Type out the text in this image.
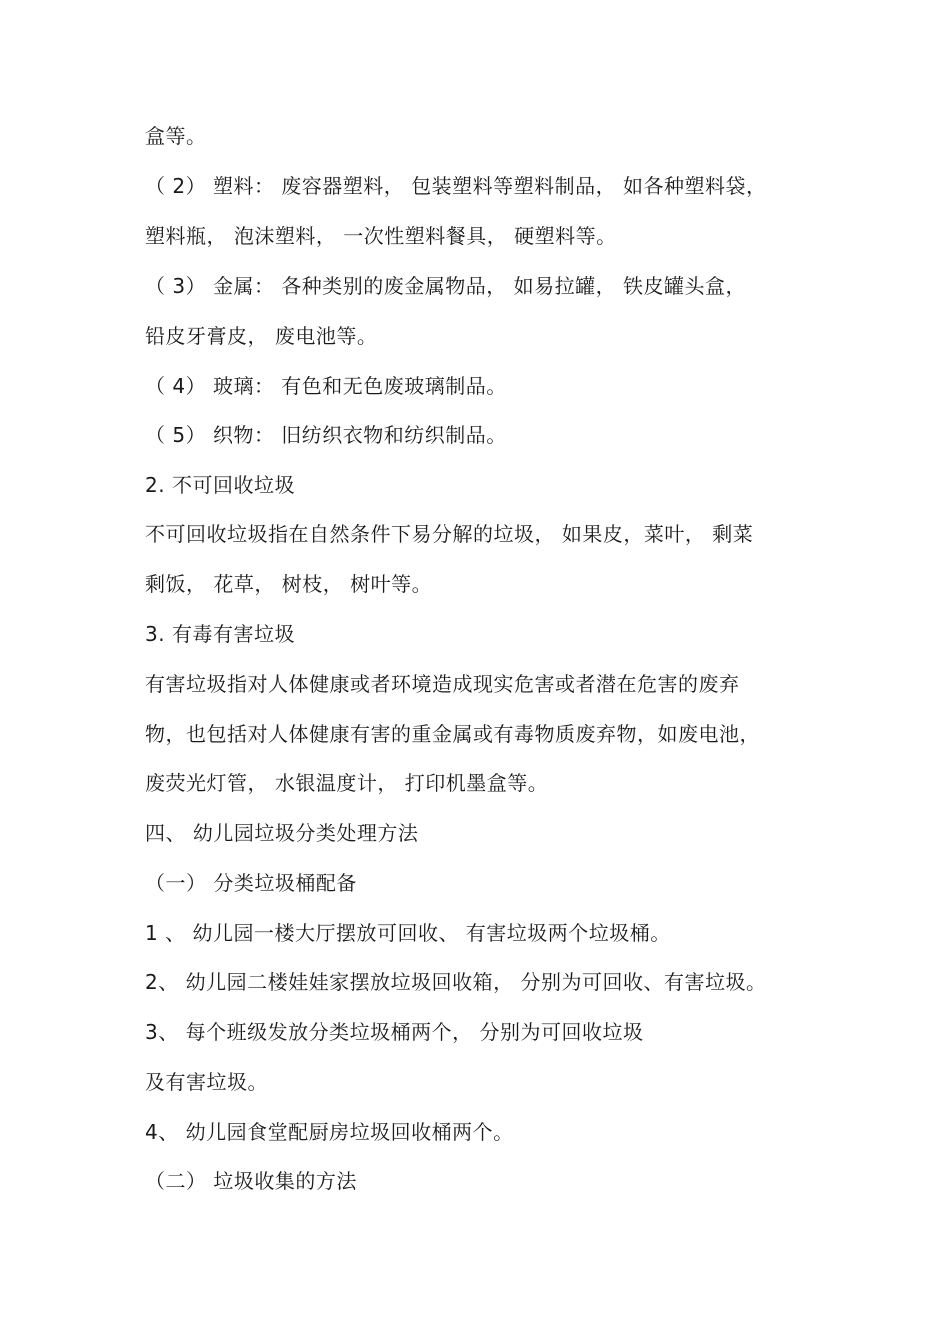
盒等。
（ 2） 塑料： 废容器塑料， 包装塑料等塑料制品， 如各种塑料袋，
塑料瓶， 泡沫塑料， 一次性塑料餐具， 硬塑料等。
（ 3） 金属： 各种类别的废金属物品， 如易拉罐， 铁皮罐头盒，
铅皮牙膏皮， 废电池等。
（ 4） 玻璃： 有色和无色废玻璃制品。
（ 5） 织物： 旧纺织衣物和纺织制品。
2. 不可回收垃圾
不可回收垃圾指在自然条件下易分解的垃圾， 如果皮，菜叶， 剩菜
剩饭， 花草， 树枝， 树叶等。
3. 有毒有害垃圾
有害垃圾指对人体健康或者环境造成现实危害或者潜在危害的废弃
物，也包括对人体健康有害的重金属或有毒物质废弃物，如废电池，
废荧光灯管， 水银温度计， 打印机墨盒等。
四、 幼儿园垃圾分类处理方法
（一） 分类垃圾桶配备
1 、 幼儿园一楼大厅摆放可回收、 有害垃圾两个垃圾桶。
2、 幼儿园二楼娃娃家摆放垃圾回收箱， 分别为可回收、有害垃圾。
3、 每个班级发放分类垃圾桶两个， 分别为可回收垃圾
及有害垃圾。
4、 幼儿园食堂配厨房垃圾回收桶两个。
（二） 垃圾收集的方法
